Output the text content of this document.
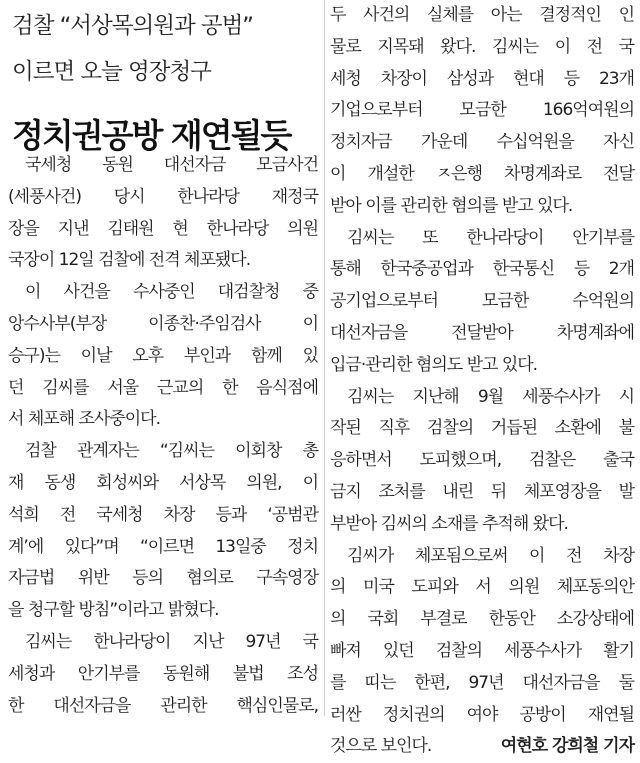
검찰 “서상목의원과 공범”
이르면 오늘 영장청구
정치권공방 재연될듯
국세청 동원 대선자금 모금사건
(세풍사건) 당시 한나라당 재정국
장을 지낸 김태원 현 한나라당 의원
국장이 12일 검찰에 전격 체포됐다.
이 사건을 수사중인 대검찰청 중
앙수사부(부장 이종찬·주임검사 이
승구)는 이날 오후 부인과 함께 있
던 김씨를 서울 근교의 한 음식점에
서 체포해 조사중이다.
검찰 관계자는 “김씨는 이회창 총
재 동생 회성씨와 서상목 의원, 이
석희 전 국세청 차장 등과 ‘공범관
계’에 있다”며 “이르면 13일중 정치
자금법 위반 등의 혐의로 구속영장
을 청구할 방침”이라고 밝혔다.
김씨는 한나라당이 지난 97년 국
세청과 안기부를 동원해 불법 조성
한 대선자금을 관리한 핵심인물로,
두 사건의 실체를 아는 결정적인 인
물로 지목돼 왔다. 김씨는 이 전 국
세청 차장이 삼성과 현대 등 23개
기업으로부터 모금한 166억여원의
정치자금 가운데 수십억원을 자신
이 개설한 ㅈ은행 차명계좌로 전달
받아 이를 관리한 혐의를 받고 있다.
김씨는 또 한나라당이 안기부를
통해 한국중공업과 한국통신 등 2개
공기업으로부터 모금한 수억원의
대선자금을 전달받아 차명계좌에
입금·관리한 혐의도 받고 있다.
김씨는 지난해 9월 세풍수사가 시
작된 직후 검찰의 거듭된 소환에 불
응하면서 도피했으며, 검찰은 출국
금지 조처를 내린 뒤 체포영장을 발
부받아 김씨의 소재를 추적해 왔다.
김씨가 체포됨으로써 이 전 차장
의 미국 도피와 서 의원 체포동의안
의 국회 부결로 한동안 소강상태에
빠져 있던 검찰의 세풍수사가 활기
를 띠는 한편, 97년 대선자금을 둘
러싼 정치권의 여야 공방이 재연될
것으로 보인다.	여현호 강희철 기자
